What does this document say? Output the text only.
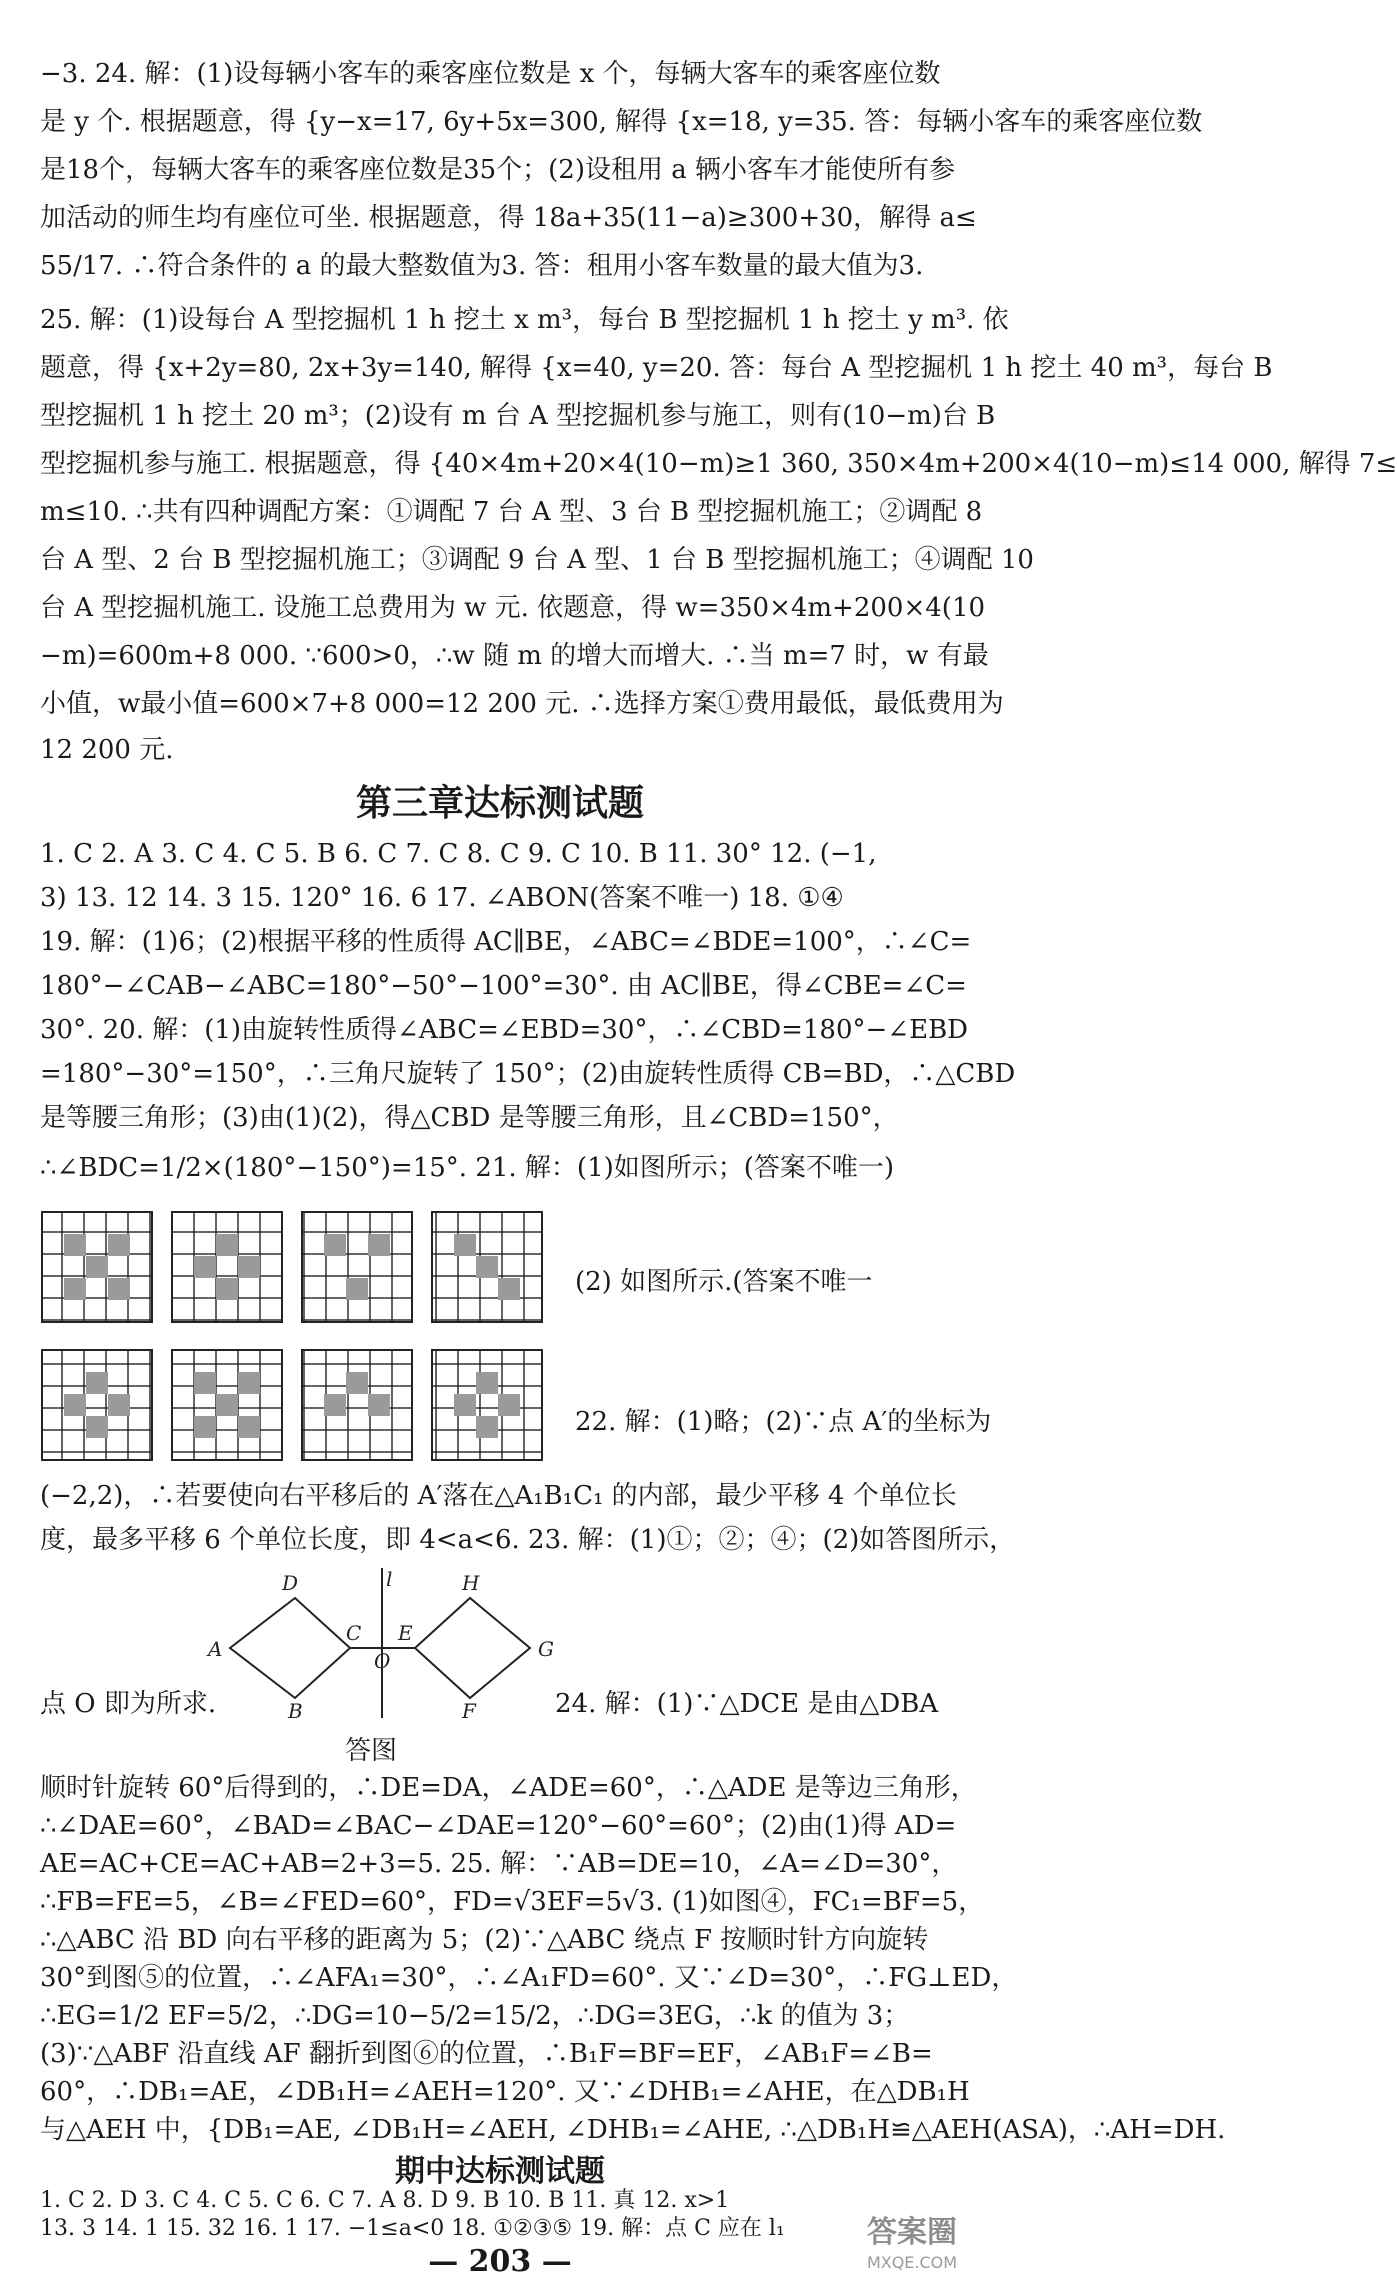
−3. 24. 解：(1)设每辆小客车的乘客座位数是 x 个，每辆大客车的乘客座位数
是 y 个. 根据题意，得 {y−x=17, 6y+5x=300, 解得 {x=18, y=35. 答：每辆小客车的乘客座位数
是18个，每辆大客车的乘客座位数是35个；(2)设租用 a 辆小客车才能使所有参
加活动的师生均有座位可坐. 根据题意，得 18a+35(11−a)≥300+30，解得 a≤
55/17. ∴符合条件的 a 的最大整数值为3. 答：租用小客车数量的最大值为3.
25. 解：(1)设每台 A 型挖掘机 1 h 挖土 x m³，每台 B 型挖掘机 1 h 挖土 y m³. 依
题意，得 {x+2y=80, 2x+3y=140, 解得 {x=40, y=20. 答：每台 A 型挖掘机 1 h 挖土 40 m³，每台 B
型挖掘机 1 h 挖土 20 m³；(2)设有 m 台 A 型挖掘机参与施工，则有(10−m)台 B
型挖掘机参与施工. 根据题意，得 {40×4m+20×4(10−m)≥1 360, 350×4m+200×4(10−m)≤14 000, 解得 7≤
m≤10. ∴共有四种调配方案：①调配 7 台 A 型、3 台 B 型挖掘机施工；②调配 8
台 A 型、2 台 B 型挖掘机施工；③调配 9 台 A 型、1 台 B 型挖掘机施工；④调配 10
台 A 型挖掘机施工. 设施工总费用为 w 元. 依题意，得 w=350×4m+200×4(10
−m)=600m+8 000. ∵600>0，∴w 随 m 的增大而增大. ∴当 m=7 时，w 有最
小值，w最小值=600×7+8 000=12 200 元. ∴选择方案①费用最低，最低费用为
12 200 元.
第三章达标测试题
1. C 2. A 3. C 4. C 5. B 6. C 7. C 8. C 9. C 10. B 11. 30° 12. (−1,
3) 13. 12 14. 3 15. 120° 16. 6 17. ∠ABON(答案不唯一) 18. ①④
19. 解：(1)6；(2)根据平移的性质得 AC∥BE，∠ABC=∠BDE=100°，∴∠C=
180°−∠CAB−∠ABC=180°−50°−100°=30°. 由 AC∥BE，得∠CBE=∠C=
30°. 20. 解：(1)由旋转性质得∠ABC=∠EBD=30°，∴∠CBD=180°−∠EBD
=180°−30°=150°，∴三角尺旋转了 150°；(2)由旋转性质得 CB=BD，∴△CBD
是等腰三角形；(3)由(1)(2)，得△CBD 是等腰三角形，且∠CBD=150°，
∴∠BDC=1/2×(180°−150°)=15°. 21. 解：(1)如图所示；(答案不唯一)
(2) 如图所示.(答案不唯一
22. 解：(1)略；(2)∵点 A′的坐标为
(−2,2)，∴若要使向右平移后的 A′落在△A₁B₁C₁ 的内部，最少平移 4 个单位长
度，最多平移 6 个单位长度，即 4<a<6. 23. 解：(1)①；②；④；(2)如答图所示，
D
C E
H
A	G
B
O
F
l
点 O 即为所求.
答图
24. 解：(1)∵△DCE 是由△DBA
顺时针旋转 60°后得到的，∴DE=DA，∠ADE=60°，∴△ADE 是等边三角形，
∴∠DAE=60°，∠BAD=∠BAC−∠DAE=120°−60°=60°；(2)由(1)得 AD=
AE=AC+CE=AC+AB=2+3=5. 25. 解：∵AB=DE=10，∠A=∠D=30°，
∴FB=FE=5，∠B=∠FED=60°，FD=√3EF=5√3. (1)如图④，FC₁=BF=5，
∴△ABC 沿 BD 向右平移的距离为 5；(2)∵△ABC 绕点 F 按顺时针方向旋转
30°到图⑤的位置，∴∠AFA₁=30°，∴∠A₁FD=60°. 又∵∠D=30°，∴FG⊥ED，
∴EG=1/2 EF=5/2，∴DG=10−5/2=15/2，∴DG=3EG，∴k 的值为 3；
(3)∵△ABF 沿直线 AF 翻折到图⑥的位置，∴B₁F=BF=EF，∠AB₁F=∠B=
60°，∴DB₁=AE，∠DB₁H=∠AEH=120°. 又∵∠DHB₁=∠AHE，在△DB₁H
与△AEH 中，{DB₁=AE, ∠DB₁H=∠AEH, ∠DHB₁=∠AHE, ∴△DB₁H≌△AEH(ASA)，∴AH=DH.
期中达标测试题
1. C 2. D 3. C 4. C 5. C 6. C 7. A 8. D 9. B 10. B 11. 真 12. x>1
13. 3 14. 1 15. 32 16. 1 17. −1≤a<0 18. ①②③⑤ 19. 解：点 C 应在 l₁
— 203 —
答案圈
MXQE.COM
